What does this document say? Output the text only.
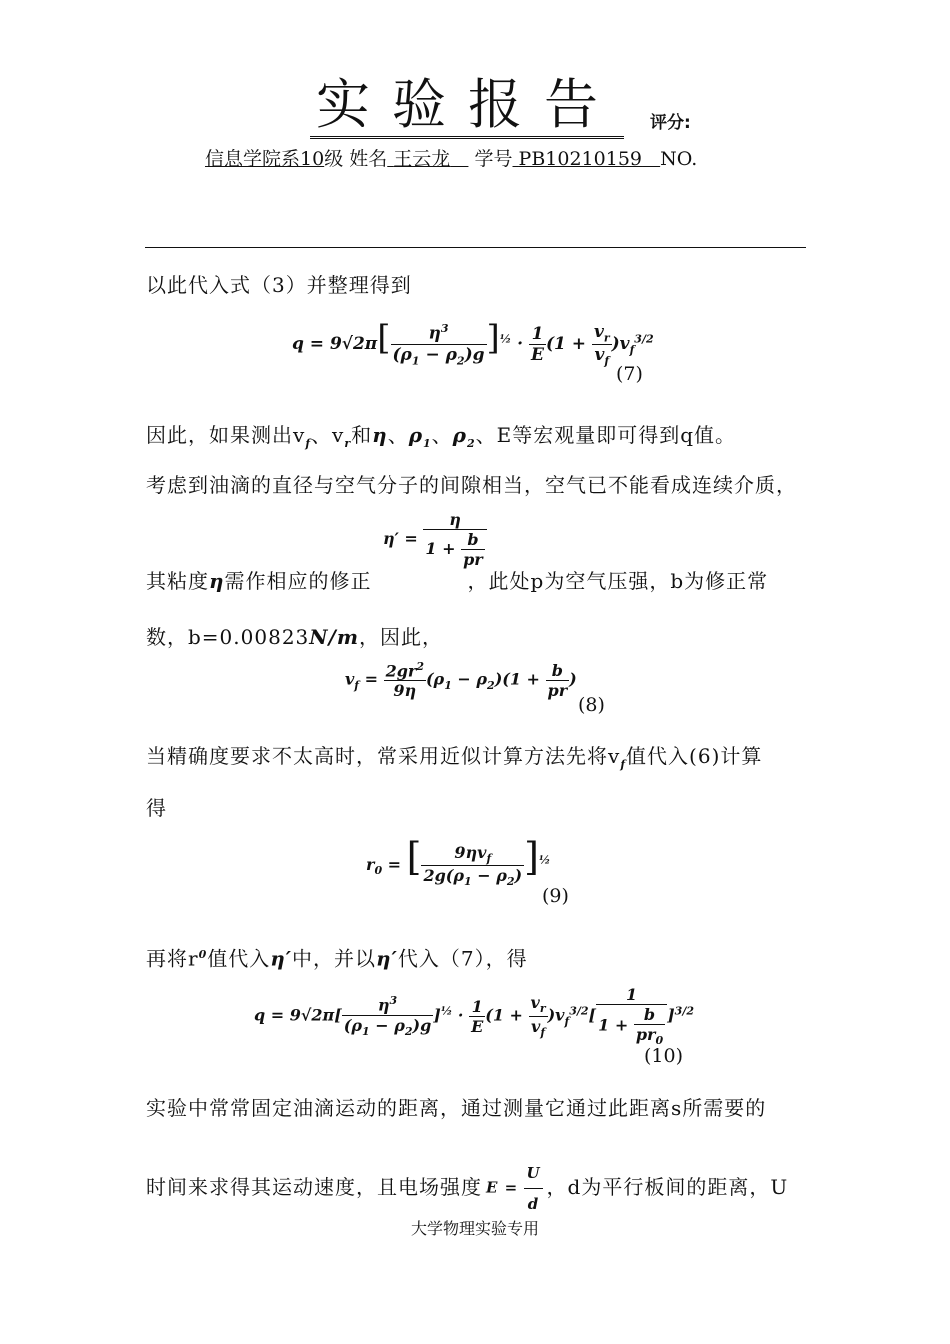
实验报告 评分:
信息学院系10级 姓名 王云龙 学号 PB10210159 NO.
以此代入式（3）并整理得到
$q = 9√2\pi[ \frac{\eta^3}{(\rho_1 - \rho_2)g} ]^{\frac{1}{2}} \cdot \frac{1}{E} (1 + \frac{v_r}{v_f} )v_f^{3/2}$
(7)
因此，如果测出$v_f$、$v_r$和η、$\rho_1$、$\rho_2$、E等宏观量即可得到q值。
考虑到油滴的直径与空气分子的间隙相当，空气已不能看成连续介质，
$\eta' = \frac{\eta}{1 + \frac{b}{pr}}$
其粘度η需作相应的修正	，此处p为空气压强，b为修正常
数，b=0.00823N/m，因此，
$v_f = \frac{2gr^2}{9\eta} (\rho_1 - \rho_2)(1 + \frac{b}{pr}$ )
(8)
当精确度要求不太高时，常采用近似计算方法先将$v_f$值代入(6)计算
得
$r_0$ = [ $\frac{9\eta v_f}{2g(\rho_1 - \rho_2)} ]^{\frac{1}{2}}$
(9)
再将$r^0$值代入η′中，并以η′代入（7），得
$q = 9√2\pi[ \frac{\eta^3}{(\rho_1 - \rho_2)g} ]^{\frac{1}{2}} \cdot \frac{1}{E} (1 + \frac{v_r}{v_f} )v_f^{3/2}[ \frac{1}{1 + \frac{b}{pr_0}} ]^{3/2}$
(10)
实验中常常固定油滴运动的距离，通过测量它通过此距离s所需要的
时间来求得其运动速度，且电场强度 $E = \frac{U}{d}$ ，d为平行板间的距离，U
大学物理实验专用
